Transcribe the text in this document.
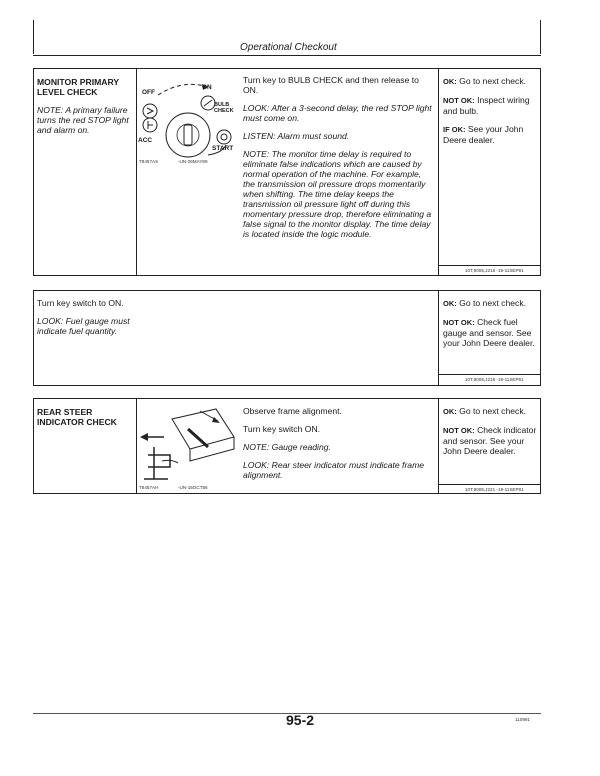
Operational Checkout
MONITOR PRIMARY LEVEL CHECK
NOTE: A primary failure turns the red STOP light and alarm on.
OFF
ON
BULB CHECK
ACC
START
T8457AS	-UN-26MAY89

Turn key to BULB CHECK and then release to ON.

LOOK: After a 3-second delay, the red STOP light must come on.

LISTEN: Alarm must sound.

NOTE: The monitor time delay is required to eliminate false indications which are caused by normal operation of the machine. For example, the transmission oil pressure drops momentarily when shifting. The time delay keeps the transmission oil pressure light off during this momentary pressure drop, therefore eliminating a false signal to the monitor display. The time delay is located inside the logic module.

OK: Go to next check.

NOT OK: Inspect wiring and bulb.

IF OK: See your John Deere dealer.

10T,9005,J216 -19-11SEP91

Turn key switch to ON.

LOOK: Fuel gauge must indicate fuel quantity.

OK: Go to next check.

NOT OK: Check fuel gauge and sensor. See your John Deere dealer.

10T,9005,J218 -19-11SEP91
REAR STEER INDICATOR CHECK
T8457AH	-UN-15OCT86

Observe frame alignment.

Turn key switch ON.

NOTE: Gauge reading.

LOOK: Rear steer indicator must indicate frame alignment.

OK: Go to next check.

NOT OK: Check indicator and sensor. See your John Deere dealer.

10T,9005,J221 -19-11SEP91
95-2	110991
